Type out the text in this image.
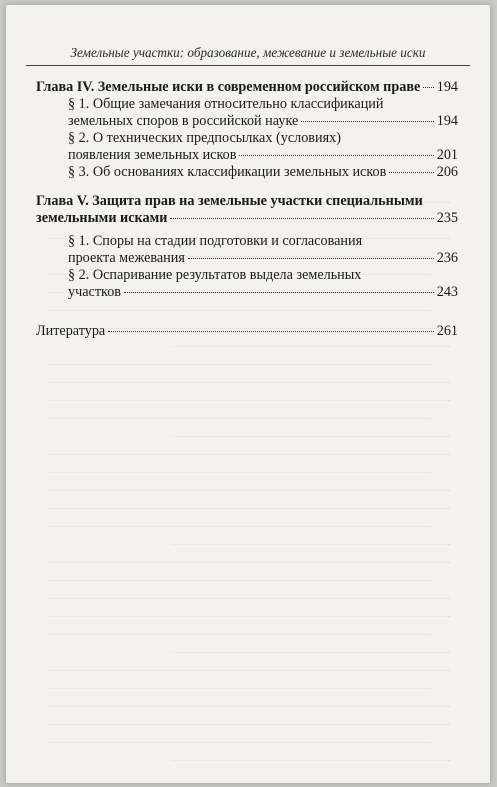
Земельные участки: образование, межевание и земельные иски
Глава IV. Земельные иски в современном российском праве 194
§ 1. Общие замечания относительно классификаций
земельных споров в российской науке	194
§ 2. О технических предпосылках (условиях)
появления земельных исков	201
§ 3. Об основаниях классификации земельных исков	206
Глава V. Защита прав на земельные участки специальными
земельными исками	235
§ 1. Споры на стадии подготовки и согласования
проекта межевания	236
§ 2. Оспаривание результатов выдела земельных
участков	243
Литература	261
